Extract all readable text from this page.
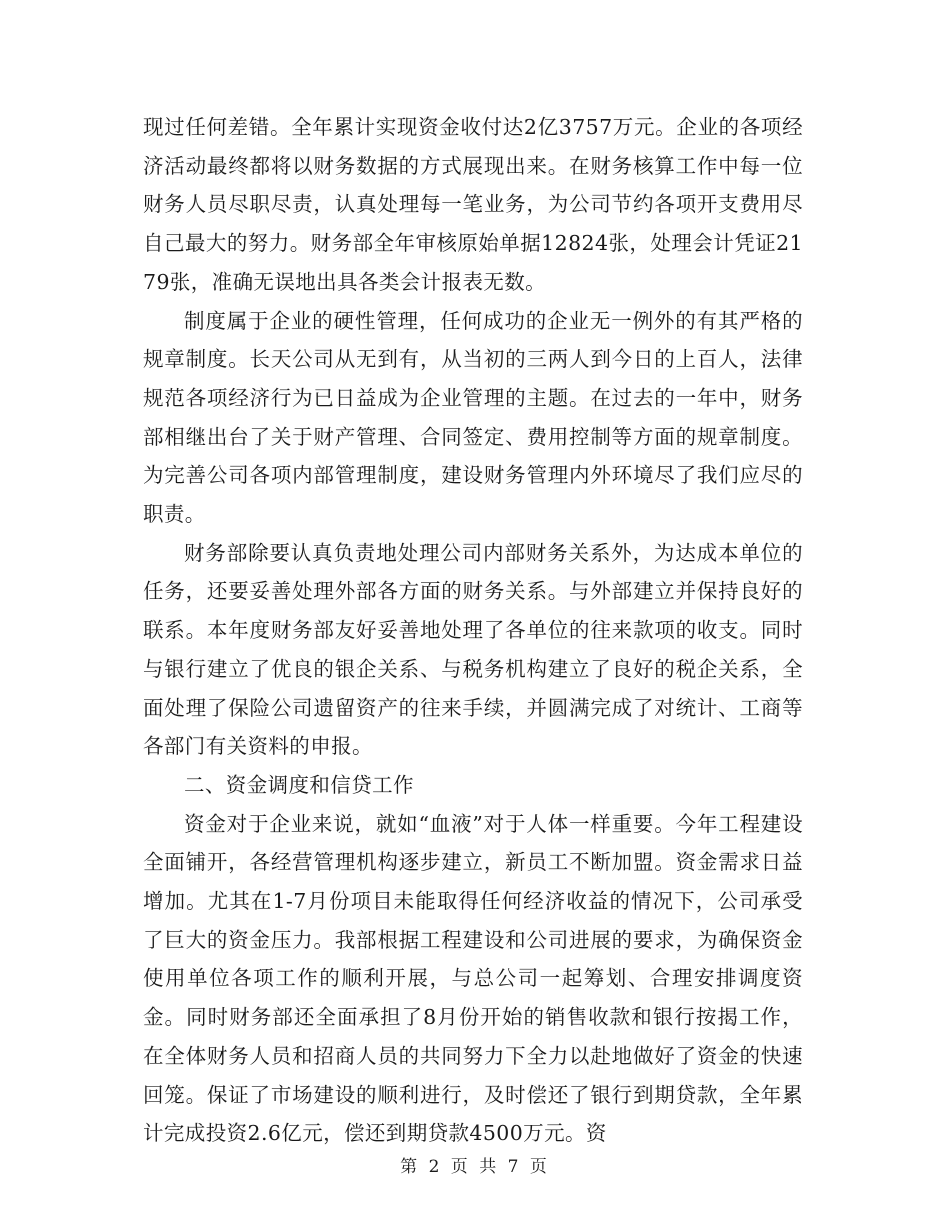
现过任何差错。全年累计实现资金收付达2亿3757万元。企业的各项经济活动最终都将以财务数据的方式展现出来。在财务核算工作中每一位财务人员尽职尽责，认真处理每一笔业务，为公司节约各项开支费用尽自己最大的努力。财务部全年审核原始单据12824张，处理会计凭证2179张，准确无误地出具各类会计报表无数。

制度属于企业的硬性管理，任何成功的企业无一例外的有其严格的规章制度。长天公司从无到有，从当初的三两人到今日的上百人，法律规范各项经济行为已日益成为企业管理的主题。在过去的一年中，财务部相继出台了关于财产管理、合同签定、费用控制等方面的规章制度。为完善公司各项内部管理制度，建设财务管理内外环境尽了我们应尽的职责。

财务部除要认真负责地处理公司内部财务关系外，为达成本单位的任务，还要妥善处理外部各方面的财务关系。与外部建立并保持良好的联系。本年度财务部友好妥善地处理了各单位的往来款项的收支。同时与银行建立了优良的银企关系、与税务机构建立了良好的税企关系，全面处理了保险公司遗留资产的往来手续，并圆满完成了对统计、工商等各部门有关资料的申报。

二、资金调度和信贷工作

资金对于企业来说，就如“血液”对于人体一样重要。今年工程建设全面铺开，各经营管理机构逐步建立，新员工不断加盟。资金需求日益增加。尤其在1-7月份项目未能取得任何经济收益的情况下，公司承受了巨大的资金压力。我部根据工程建设和公司进展的要求，为确保资金使用单位各项工作的顺利开展，与总公司一起筹划、合理安排调度资金。同时财务部还全面承担了8月份开始的销售收款和银行按揭工作，在全体财务人员和招商人员的共同努力下全力以赴地做好了资金的快速回笼。保证了市场建设的顺利进行，及时偿还了银行到期贷款，全年累计完成投资2.6亿元，偿还到期贷款4500万元。资

第 2 页 共 7 页
